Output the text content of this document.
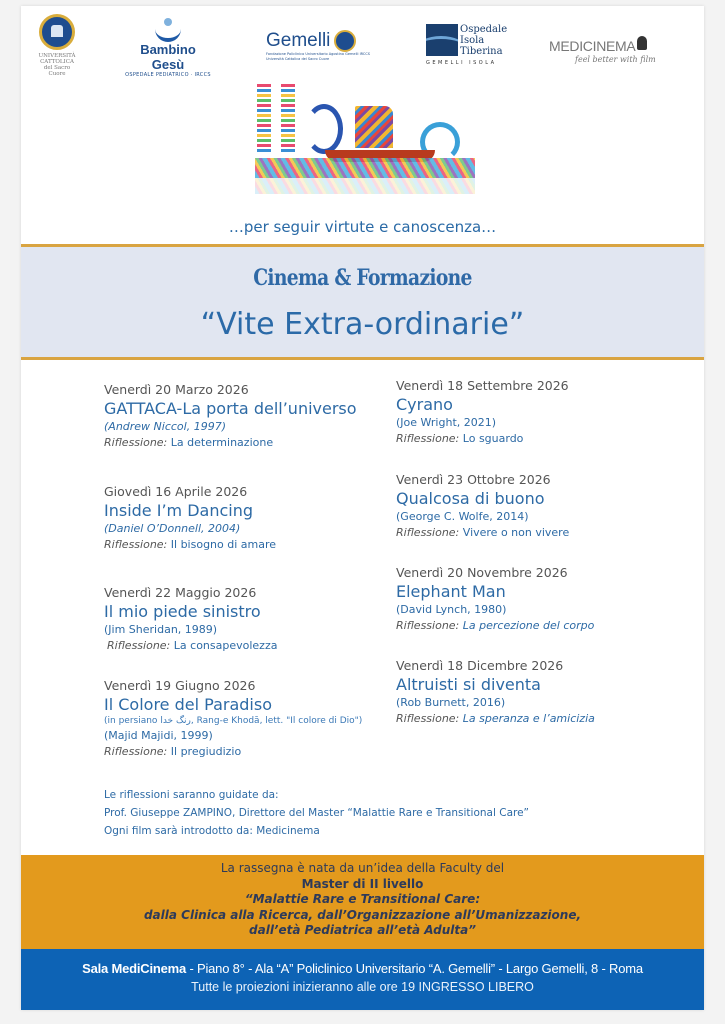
UNIVERSITÀ
CATTOLICA
del Sacro Cuore
Bambino Gesù
OSPEDALE PEDIATRICO · IRCCS
Gemelli
Fondazione Policlinico Universitario Agostino Gemelli IRCCS
Università Cattolica del Sacro Cuore
Ospedale
Isola
Tiberina
GEMELLI ISOLA
MEDICINEMA
feel better with film
…per seguir virtute e canoscenza…
Cinema & Formazione
“Vite Extra-ordinarie”
Venerdì 20 Marzo 2026
GATTACA-La porta dell’universo
(Andrew Niccol, 1997)
Riflessione: La determinazione
Giovedì 16 Aprile 2026
Inside I’m Dancing
(Daniel O’Donnell, 2004)
Riflessione: Il bisogno di amare
Venerdì 22 Maggio 2026
Il mio piede sinistro
(Jim Sheridan, 1989)
Riflessione: La consapevolezza
Venerdì 19 Giugno 2026
Il Colore del Paradiso
(in persiano رنگ خدا, Rang-e Khodā, lett. "Il colore di Dio")
(Majid Majidi, 1999)
Riflessione: Il pregiudizio
Venerdì 18 Settembre 2026
Cyrano
(Joe Wright, 2021)
Riflessione: Lo sguardo
Venerdì 23 Ottobre 2026
Qualcosa di buono
(George C. Wolfe, 2014)
Riflessione: Vivere o non vivere
Venerdì 20 Novembre 2026
Elephant Man
(David Lynch, 1980)
Riflessione: La percezione del corpo
Venerdì 18 Dicembre 2026
Altruisti si diventa
(Rob Burnett, 2016)
Riflessione: La speranza e l’amicizia
Le riflessioni saranno guidate da:
Prof. Giuseppe ZAMPINO, Direttore del Master “Malattie Rare e Transitional Care”
Ogni film sarà introdotto da: Medicinema
La rassegna è nata da un’idea della Faculty del
Master di II livello
“Malattie Rare e Transitional Care:
dalla Clinica alla Ricerca, dall’Organizzazione all’Umanizzazione,
dall’età Pediatrica all’età Adulta”
Sala MediCinema - Piano 8° - Ala “A” Policlinico Universitario “A. Gemelli” - Largo Gemelli, 8 - Roma
Tutte le proiezioni inizieranno alle ore 19 INGRESSO LIBERO
